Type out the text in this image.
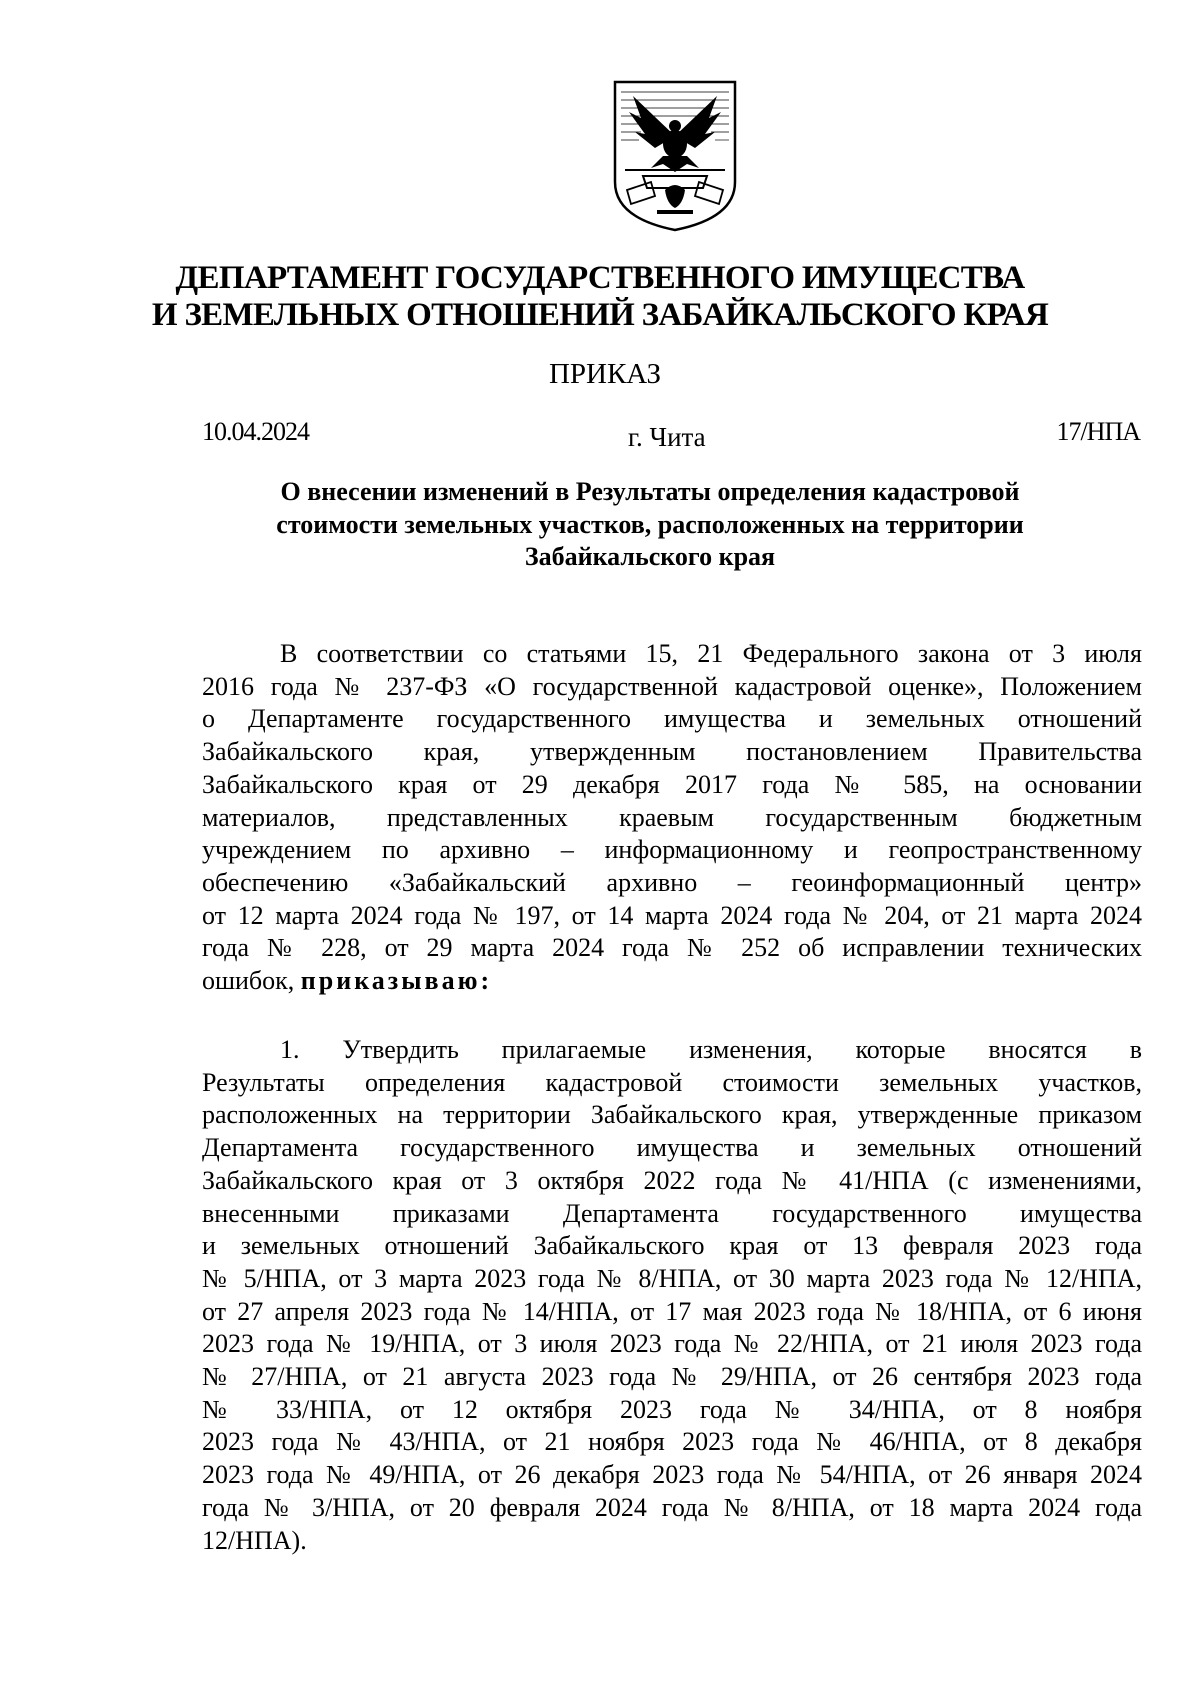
ДЕПАРТАМЕНТ ГОСУДАРСТВЕННОГО ИМУЩЕСТВА
И ЗЕМЕЛЬНЫХ ОТНОШЕНИЙ ЗАБАЙКАЛЬСКОГО КРАЯ
ПРИКАЗ
10.04.2024	г. Чита	17/НПА
О внесении изменений в Результаты определения кадастровой
стоимости земельных участков, расположенных на территории
Забайкальского края
В соответствии со статьями 15, 21 Федерального закона от 3 июля
2016 года № 237-ФЗ «О государственной кадастровой оценке», Положением
о Департаменте государственного имущества и земельных отношений
Забайкальского края, утвержденным постановлением Правительства
Забайкальского края от 29 декабря 2017 года № 585, на основании
материалов, представленных краевым государственным бюджетным
учреждением по архивно – информационному и геопространственному
обеспечению «Забайкальский архивно – геоинформационный центр»
от 12 марта 2024 года № 197, от 14 марта 2024 года № 204, от 21 марта 2024
года № 228, от 29 марта 2024 года № 252 об исправлении технических
ошибок, приказываю:
1. Утвердить прилагаемые изменения, которые вносятся в
Результаты определения кадастровой стоимости земельных участков,
расположенных на территории Забайкальского края, утвержденные приказом
Департамента государственного имущества и земельных отношений
Забайкальского края от 3 октября 2022 года № 41/НПА (с изменениями,
внесенными приказами Департамента государственного имущества
и земельных отношений Забайкальского края от 13 февраля 2023 года
№ 5/НПА, от 3 марта 2023 года № 8/НПА, от 30 марта 2023 года № 12/НПА,
от 27 апреля 2023 года № 14/НПА, от 17 мая 2023 года № 18/НПА, от 6 июня
2023 года № 19/НПА, от 3 июля 2023 года № 22/НПА, от 21 июля 2023 года
№ 27/НПА, от 21 августа 2023 года № 29/НПА, от 26 сентября 2023 года
№ 33/НПА, от 12 октября 2023 года № 34/НПА, от 8 ноября
2023 года № 43/НПА, от 21 ноября 2023 года № 46/НПА, от 8 декабря
2023 года № 49/НПА, от 26 декабря 2023 года № 54/НПА, от 26 января 2024
года № 3/НПА, от 20 февраля 2024 года № 8/НПА, от 18 марта 2024 года
12/НПА).
